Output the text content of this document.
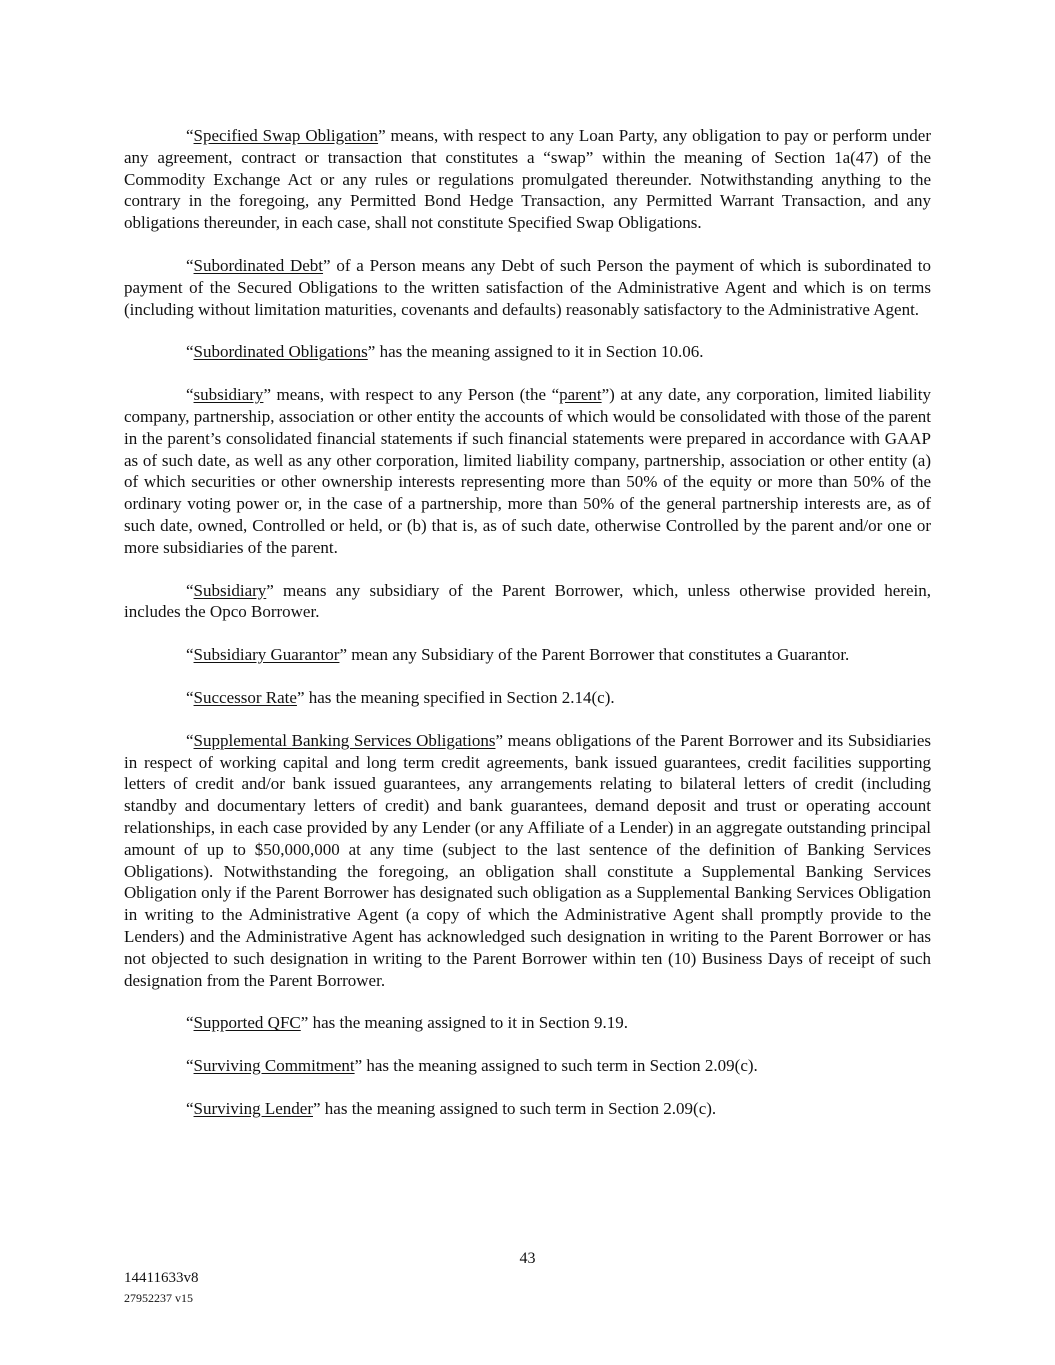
“Specified Swap Obligation” means, with respect to any Loan Party, any obligation to pay or perform under any agreement, contract or transaction that constitutes a “swap” within the meaning of Section 1a(47) of the Commodity Exchange Act or any rules or regulations promulgated thereunder. Notwithstanding anything to the contrary in the foregoing, any Permitted Bond Hedge Transaction, any Permitted Warrant Transaction, and any obligations thereunder, in each case, shall not constitute Specified Swap Obligations.

“Subordinated Debt” of a Person means any Debt of such Person the payment of which is subordinated to payment of the Secured Obligations to the written satisfaction of the Administrative Agent and which is on terms (including without limitation maturities, covenants and defaults) reasonably satisfactory to the Administrative Agent.

“Subordinated Obligations” has the meaning assigned to it in Section 10.06.

“subsidiary” means, with respect to any Person (the “parent”) at any date, any corporation, limited liability company, partnership, association or other entity the accounts of which would be consolidated with those of the parent in the parent’s consolidated financial statements if such financial statements were prepared in accordance with GAAP as of such date, as well as any other corporation, limited liability company, partnership, association or other entity (a) of which securities or other ownership interests representing more than 50% of the equity or more than 50% of the ordinary voting power or, in the case of a partnership, more than 50% of the general partnership interests are, as of such date, owned, Controlled or held, or (b) that is, as of such date, otherwise Controlled by the parent and/or one or more subsidiaries of the parent.

“Subsidiary” means any subsidiary of the Parent Borrower, which, unless otherwise provided herein, includes the Opco Borrower.

“Subsidiary Guarantor” mean any Subsidiary of the Parent Borrower that constitutes a Guarantor.

“Successor Rate” has the meaning specified in Section 2.14(c).

“Supplemental Banking Services Obligations” means obligations of the Parent Borrower and its Subsidiaries in respect of working capital and long term credit agreements, bank issued guarantees, credit facilities supporting letters of credit and/or bank issued guarantees, any arrangements relating to bilateral letters of credit (including standby and documentary letters of credit) and bank guarantees, demand deposit and trust or operating account relationships, in each case provided by any Lender (or any Affiliate of a Lender) in an aggregate outstanding principal amount of up to $50,000,000 at any time (subject to the last sentence of the definition of Banking Services Obligations). Notwithstanding the foregoing, an obligation shall constitute a Supplemental Banking Services Obligation only if the Parent Borrower has designated such obligation as a Supplemental Banking Services Obligation in writing to the Administrative Agent (a copy of which the Administrative Agent shall promptly provide to the Lenders) and the Administrative Agent has acknowledged such designation in writing to the Parent Borrower or has not objected to such designation in writing to the Parent Borrower within ten (10) Business Days of receipt of such designation from the Parent Borrower.

“Supported QFC” has the meaning assigned to it in Section 9.19.

“Surviving Commitment” has the meaning assigned to such term in Section 2.09(c).

“Surviving Lender” has the meaning assigned to such term in Section 2.09(c).

43
14411633v8
27952237 v15
